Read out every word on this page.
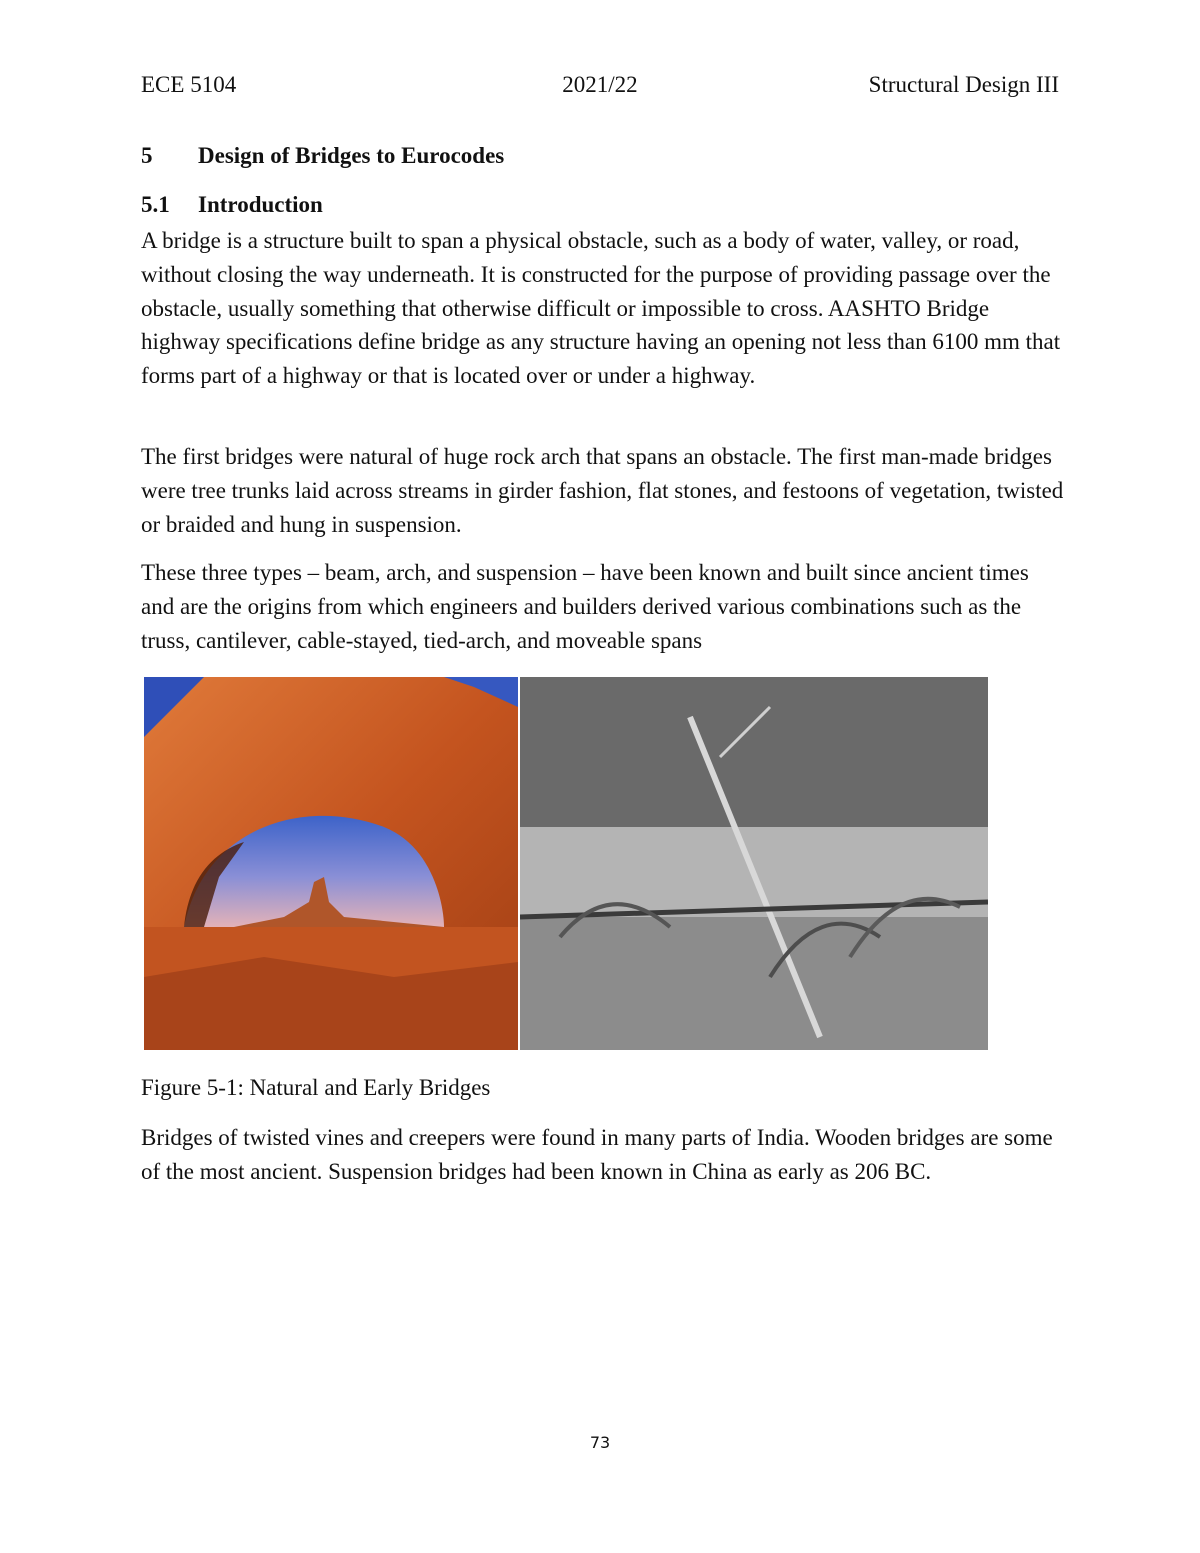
ECE 5104	2021/22	Structural Design III
5 Design of Bridges to Eurocodes
5.1 Introduction

A bridge is a structure built to span a physical obstacle, such as a body of water, valley, or road, without closing the way underneath. It is constructed for the purpose of providing passage over the obstacle, usually something that otherwise difficult or impossible to cross. AASHTO Bridge highway specifications define bridge as any structure having an opening not less than 6100 mm that forms part of a highway or that is located over or under a highway.

The first bridges were natural of huge rock arch that spans an obstacle. The first man-made bridges were tree trunks laid across streams in girder fashion, flat stones, and festoons of vegetation, twisted or braided and hung in suspension.

These three types – beam, arch, and suspension – have been known and built since ancient times and are the origins from which engineers and builders derived various combinations such as the truss, cantilever, cable-stayed, tied-arch, and moveable spans

Figure 5-1: Natural and Early Bridges

Bridges of twisted vines and creepers were found in many parts of India. Wooden bridges are some of the most ancient. Suspension bridges had been known in China as early as 206 BC.

73
